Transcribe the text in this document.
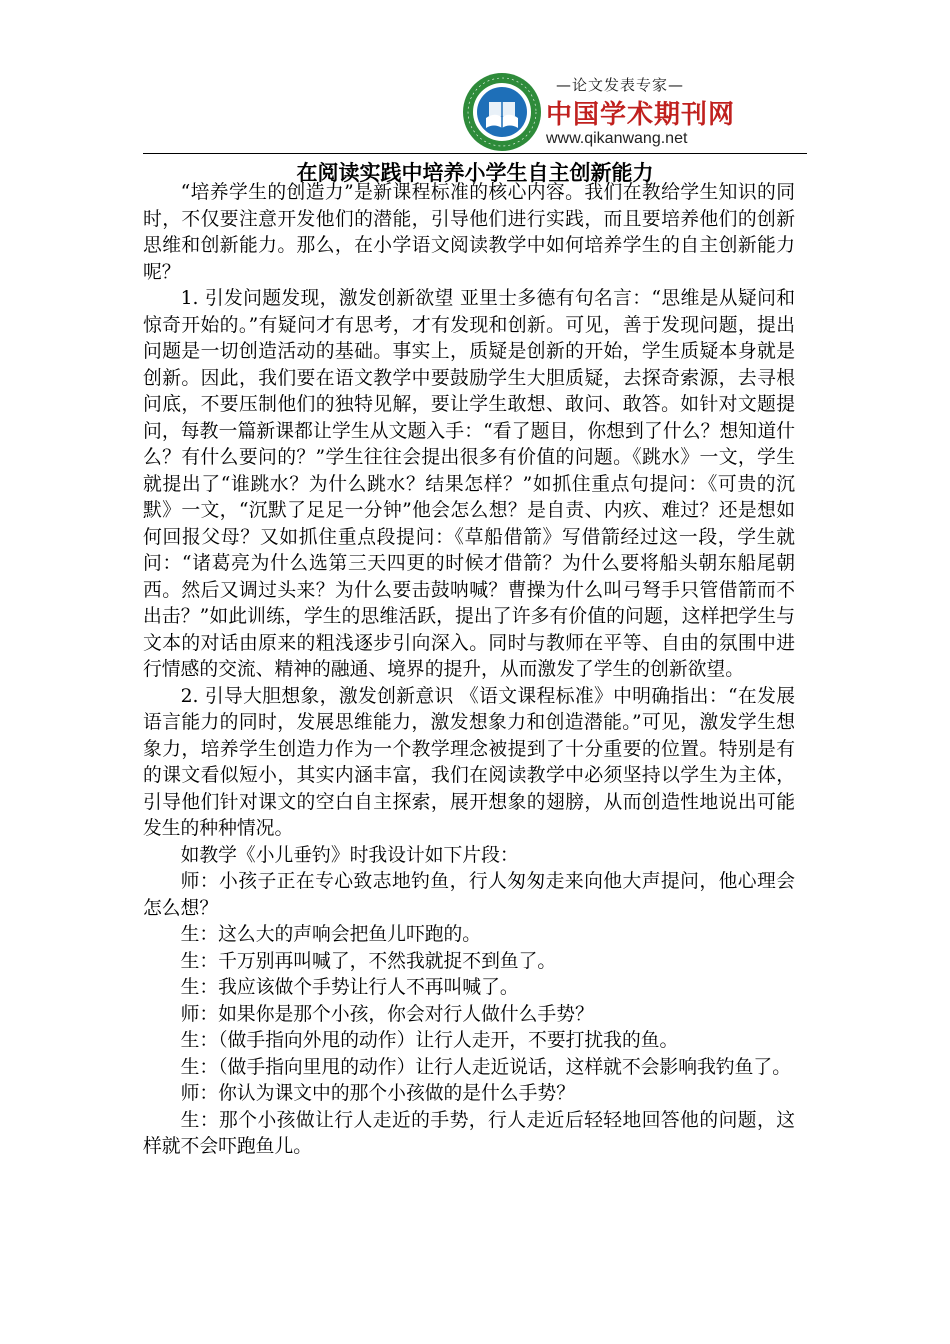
—论文发表专家—
中国学术期刊网
www.qikanwang.net
在阅读实践中培养小学生自主创新能力

“培养学生的创造力”是新课程标准的核心内容。我们在教给学生知识的同时，不仅要注意开发他们的潜能，引导他们进行实践，而且要培养他们的创新思维和创新能力。那么，在小学语文阅读教学中如何培养学生的自主创新能力呢？

1. 引发问题发现，激发创新欲望 亚里士多德有句名言：“思维是从疑问和惊奇开始的。”有疑问才有思考，才有发现和创新。可见，善于发现问题，提出问题是一切创造活动的基础。事实上，质疑是创新的开始，学生质疑本身就是创新。因此，我们要在语文教学中要鼓励学生大胆质疑，去探奇索源，去寻根问底，不要压制他们的独特见解，要让学生敢想、敢问、敢答。如针对文题提问，每教一篇新课都让学生从文题入手：“看了题目，你想到了什么？想知道什么？有什么要问的？”学生往往会提出很多有价值的问题。《跳水》一文，学生就提出了“谁跳水？为什么跳水？结果怎样？”如抓住重点句提问：《可贵的沉默》一文，“沉默了足足一分钟”他会怎么想？是自责、内疚、难过？还是想如何回报父母？又如抓住重点段提问：《草船借箭》写借箭经过这一段，学生就问：“诸葛亮为什么选第三天四更的时候才借箭？为什么要将船头朝东船尾朝西。然后又调过头来？为什么要击鼓呐喊？曹操为什么叫弓弩手只管借箭而不出击？”如此训练，学生的思维活跃，提出了许多有价值的问题，这样把学生与文本的对话由原来的粗浅逐步引向深入。同时与教师在平等、自由的氛围中进行情感的交流、精神的融通、境界的提升，从而激发了学生的创新欲望。

2. 引导大胆想象，激发创新意识 《语文课程标准》中明确指出：“在发展语言能力的同时，发展思维能力，激发想象力和创造潜能。”可见，激发学生想象力，培养学生创造力作为一个教学理念被提到了十分重要的位置。特别是有的课文看似短小，其实内涵丰富，我们在阅读教学中必须坚持以学生为主体，引导他们针对课文的空白自主探索，展开想象的翅膀，从而创造性地说出可能发生的种种情况。

如教学《小儿垂钓》时我设计如下片段：

师：小孩子正在专心致志地钓鱼，行人匆匆走来向他大声提问，他心理会怎么想？

生：这么大的声响会把鱼儿吓跑的。

生：千万别再叫喊了，不然我就捉不到鱼了。

生：我应该做个手势让行人不再叫喊了。

师：如果你是那个小孩，你会对行人做什么手势？

生：（做手指向外甩的动作）让行人走开，不要打扰我的鱼。

生：（做手指向里甩的动作）让行人走近说话，这样就不会影响我钓鱼了。

师：你认为课文中的那个小孩做的是什么手势？

生：那个小孩做让行人走近的手势，行人走近后轻轻地回答他的问题，这样就不会吓跑鱼儿。
